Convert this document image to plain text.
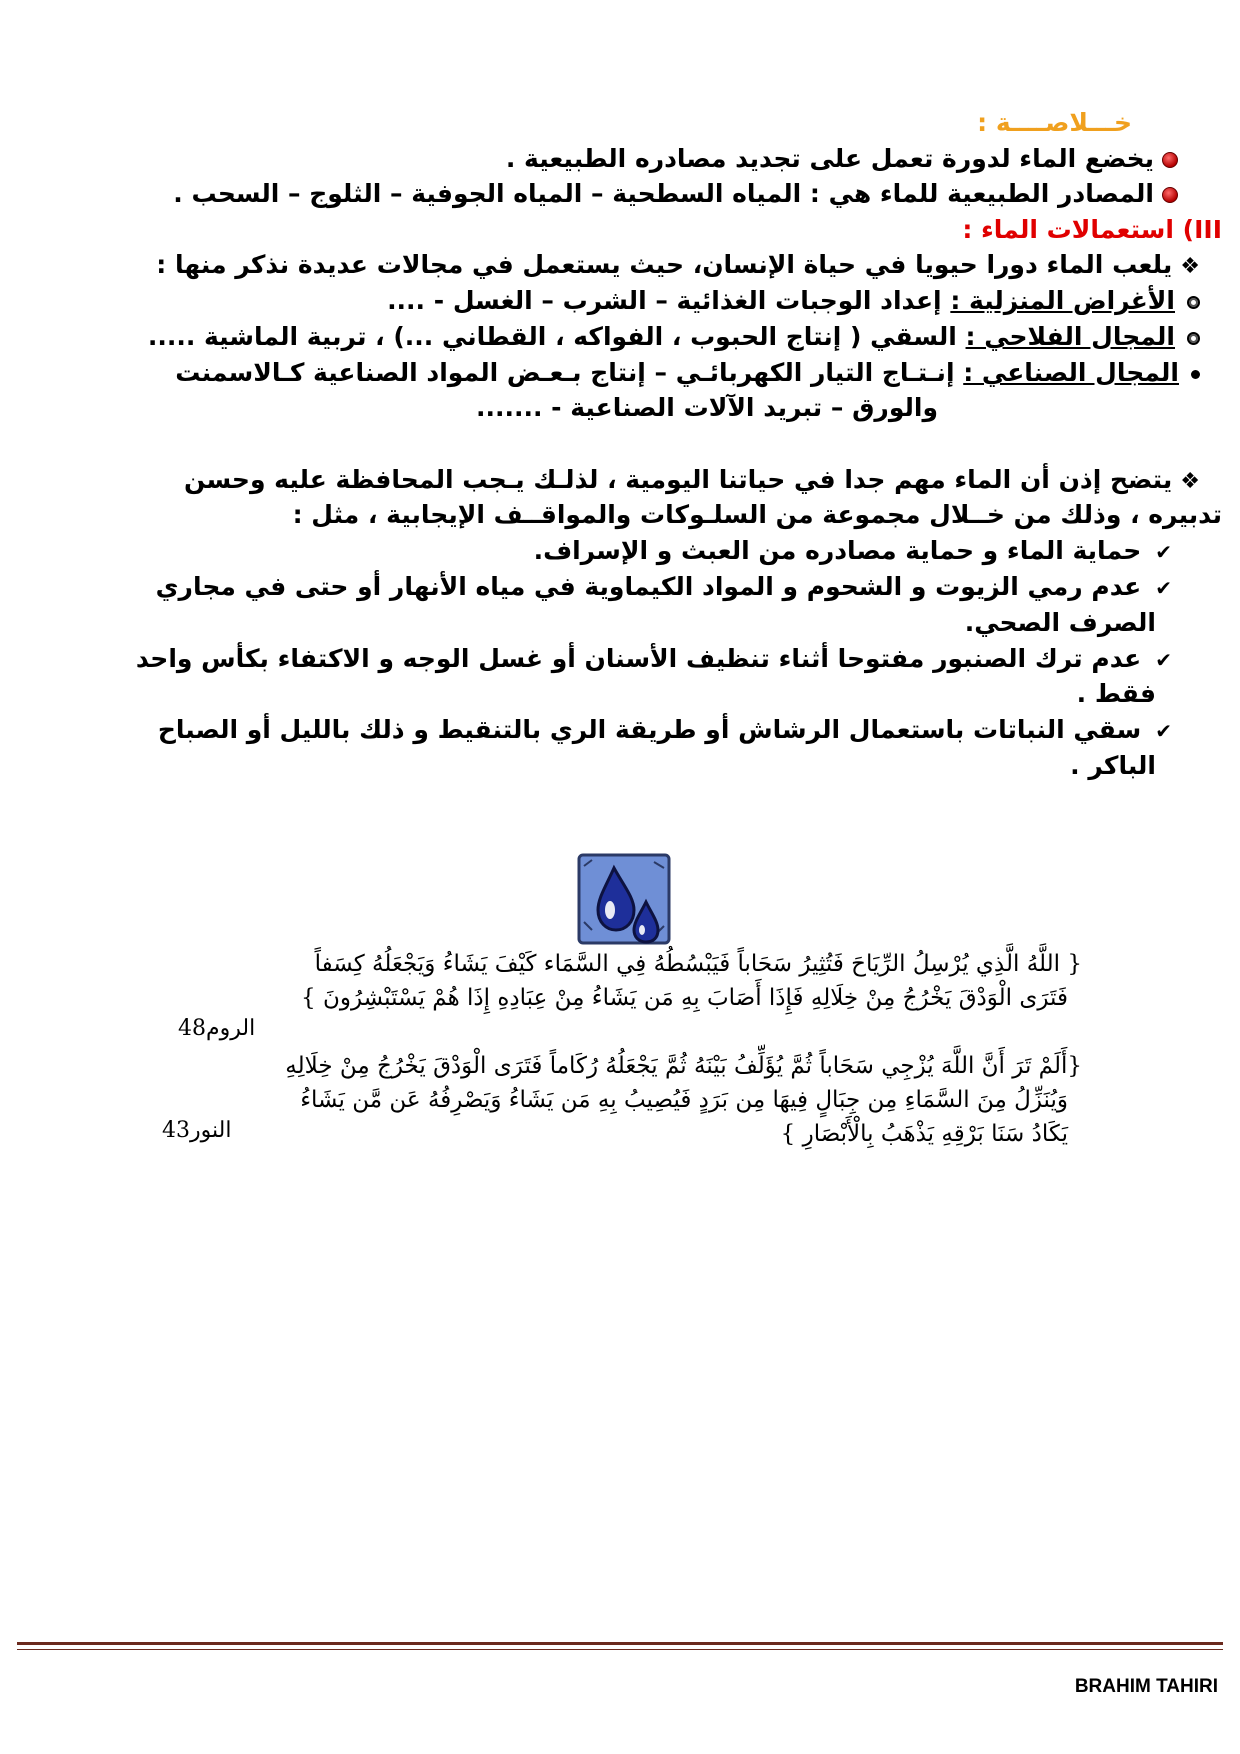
خـــلاصــــة :
يخضع الماء لدورة تعمل على تجديد مصادره الطبيعية .
المصادر الطبيعية للماء هي : المياه السطحية – المياه الجوفية – الثلوج – السحب .
III) استعمالات الماء :
❖يلعب الماء دورا حيويا في حياة الإنسان، حيث يستعمل في مجالات عديدة نذكر منها :
الأغراض المنزلية : إعداد الوجبات الغذائية – الشرب – الغسل - ....
المجال الفلاحي : السقي ( إنتاج الحبوب ، الفواكه ، القطاني ...) ، تربية الماشية .....
المجال الصناعي : إنـتـاج التيار الكهربائـي – إنتاج بـعـض المواد الصناعية كـالاسمنت
والورق – تبريد الآلات الصناعية - .......
❖يتضح إذن أن الماء مهم جدا في حياتنا اليومية ، لذلـك يـجب المحافظة عليه وحسن
تدبيره ، وذلك من خــلال مجموعة من السلـوكات والمواقــف الإيجابية ، مثل :
✔حماية الماء و حماية مصادره من العبث و الإسراف.
✔عدم رمي الزيوت و الشحوم و المواد الكيماوية في مياه الأنهار أو حتى في مجاري
الصرف الصحي.
✔عدم ترك الصنبور مفتوحا أثناء تنظيف الأسنان أو غسل الوجه و الاكتفاء بكأس واحد
فقط .
✔سقي النباتات باستعمال الرشاش أو طريقة الري بالتنقيط و ذلك بالليل أو الصباح
الباكر .
{ اللَّهُ الَّذِي يُرْسِلُ الرِّيَاحَ فَتُثِيرُ سَحَاباً فَيَبْسُطُهُ فِي السَّمَاء كَيْفَ يَشَاءُ وَيَجْعَلُهُ كِسَفاً
فَتَرَى الْوَدْقَ يَخْرُجُ مِنْ خِلَالِهِ فَإِذَا أَصَابَ بِهِ مَن يَشَاءُ مِنْ عِبَادِهِ إِذَا هُمْ يَسْتَبْشِرُونَ }
الروم48
{أَلَمْ تَرَ أَنَّ اللَّهَ يُزْجِي سَحَاباً ثُمَّ يُؤَلِّفُ بَيْنَهُ ثُمَّ يَجْعَلُهُ رُكَاماً فَتَرَى الْوَدْقَ يَخْرُجُ مِنْ خِلَالِهِ
وَيُنَزِّلُ مِنَ السَّمَاءِ مِن جِبَالٍ فِيهَا مِن بَرَدٍ فَيُصِيبُ بِهِ مَن يَشَاءُ وَيَصْرِفُهُ عَن مَّن يَشَاءُ
يَكَادُ سَنَا بَرْقِهِ يَذْهَبُ بِالْأَبْصَارِ }
النور43
BRAHIM TAHIRI
